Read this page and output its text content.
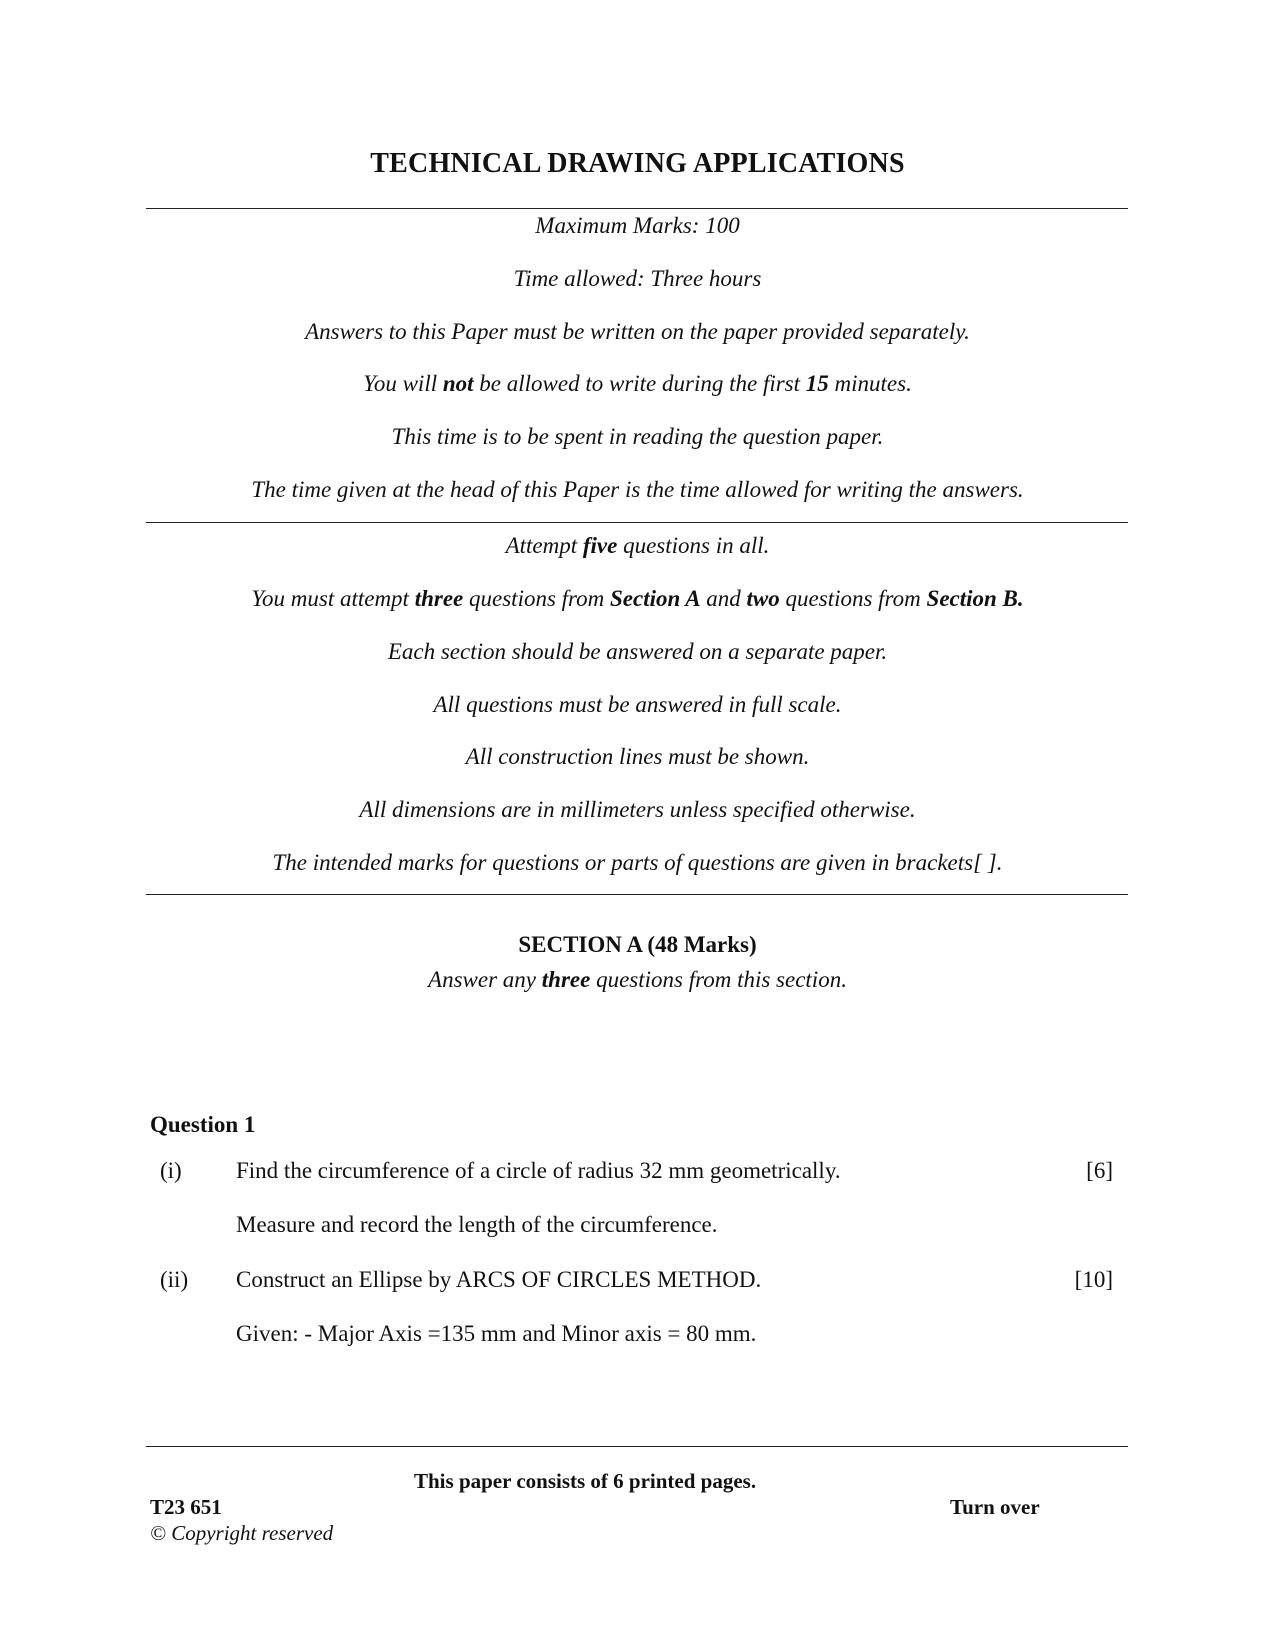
TECHNICAL DRAWING APPLICATIONS
Maximum Marks: 100
Time allowed: Three hours
Answers to this Paper must be written on the paper provided separately.
You will not be allowed to write during the first 15 minutes.
This time is to be spent in reading the question paper.
The time given at the head of this Paper is the time allowed for writing the answers.
Attempt five questions in all.
You must attempt three questions from Section A and two questions from Section B.
Each section should be answered on a separate paper.
All questions must be answered in full scale.
All construction lines must be shown.
All dimensions are in millimeters unless specified otherwise.
The intended marks for questions or parts of questions are given in brackets[ ].
SECTION A (48 Marks)
Answer any three questions from this section.
Question 1
(i) Find the circumference of a circle of radius 32 mm geometrically.	[6]
Measure and record the length of the circumference.
(ii) Construct an Ellipse by ARCS OF CIRCLES METHOD.	[10]
Given: - Major Axis =135 mm and Minor axis = 80 mm.
This paper consists of 6 printed pages.
T23 651	Turn over
© Copyright reserved
